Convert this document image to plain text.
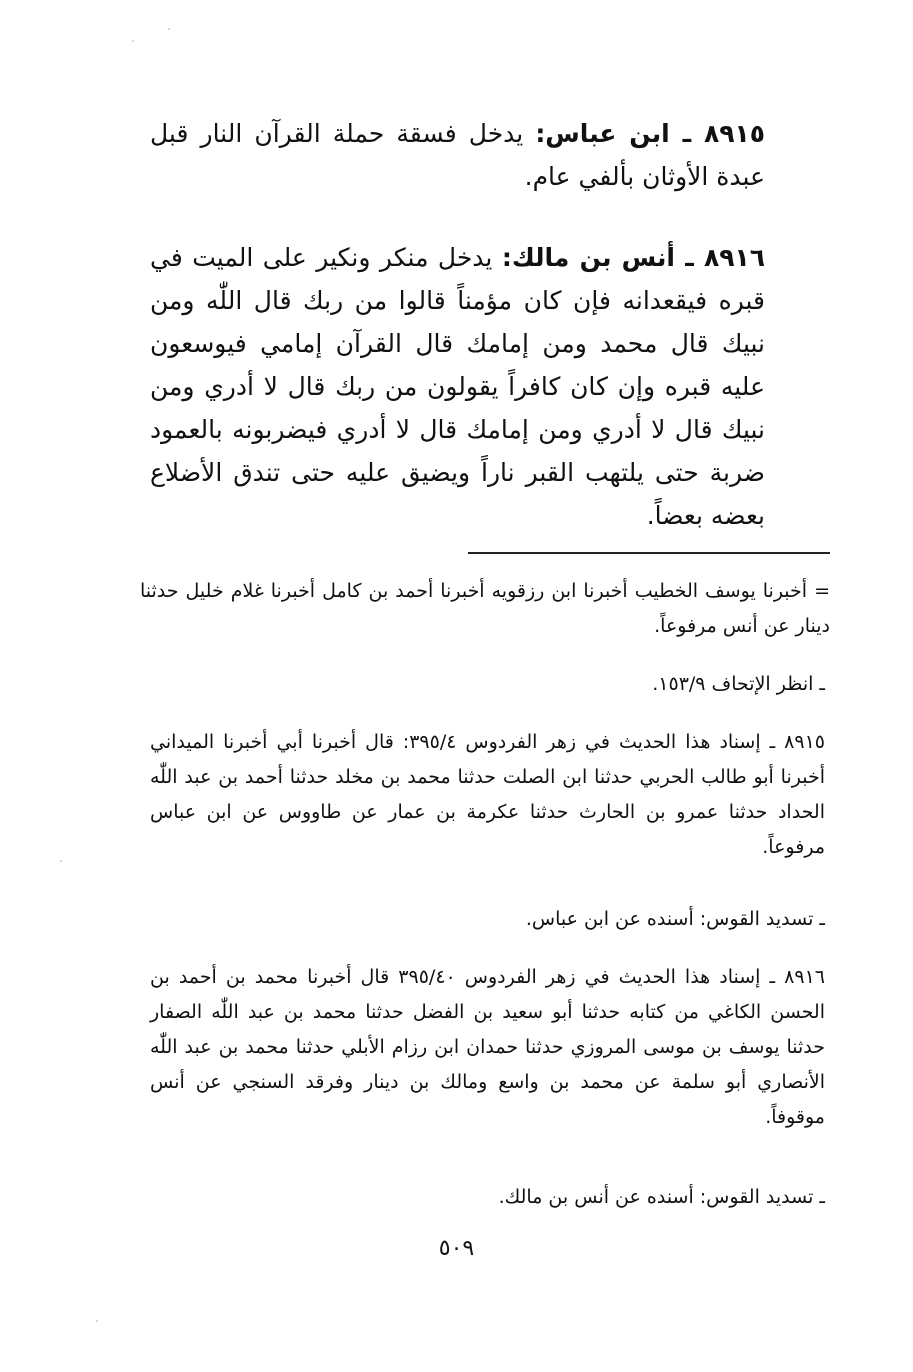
٨٩١٥ ـ ابن عباس: يدخل فسقة حملة القرآن النار قبل عبدة الأوثان بألفي عام.

٨٩١٦ ـ أنس بن مالك: يدخل منكر ونكير على الميت في قبره فيقعدانه فإن كان مؤمناً قالوا من ربك قال اللّٰه ومن نبيك قال محمد ومن إمامك قال القرآن إمامي فيوسعون عليه قبره وإن كان كافراً يقولون من ربك قال لا أدري ومن نبيك قال لا أدري ومن إمامك قال لا أدري فيضربونه بالعمود ضربة حتى يلتهب القبر ناراً ويضيق عليه حتى تندق الأضلاع بعضه بعضاً.

= أخبرنا يوسف الخطيب أخبرنا ابن رزقويه أخبرنا أحمد بن كامل أخبرنا غلام خليل حدثنا دينار عن أنس مرفوعاً.

ـ انظر الإتحاف ١٥٣/٩.

٨٩١٥ ـ إسناد هذا الحديث في زهر الفردوس ٣٩٥/٤: قال أخبرنا أبي أخبرنا الميداني أخبرنا أبو طالب الحربي حدثنا ابن الصلت حدثنا محمد بن مخلد حدثنا أحمد بن عبد اللّٰه الحداد حدثنا عمرو بن الحارث حدثنا عكرمة بن عمار عن طاووس عن ابن عباس مرفوعاً.

ـ تسديد القوس: أسنده عن ابن عباس.

٨٩١٦ ـ إسناد هذا الحديث في زهر الفردوس ٣٩٥/٤٠ قال أخبرنا محمد بن أحمد بن الحسن الكاغي من كتابه حدثنا أبو سعيد بن الفضل حدثنا محمد بن عبد اللّٰه الصفار حدثنا يوسف بن موسى المروزي حدثنا حمدان ابن رزام الأبلي حدثنا محمد بن عبد اللّٰه الأنصاري أبو سلمة عن محمد بن واسع ومالك بن دينار وفرقد السنجي عن أنس موقوفاً.

ـ تسديد القوس: أسنده عن أنس بن مالك.

٥٠٩
